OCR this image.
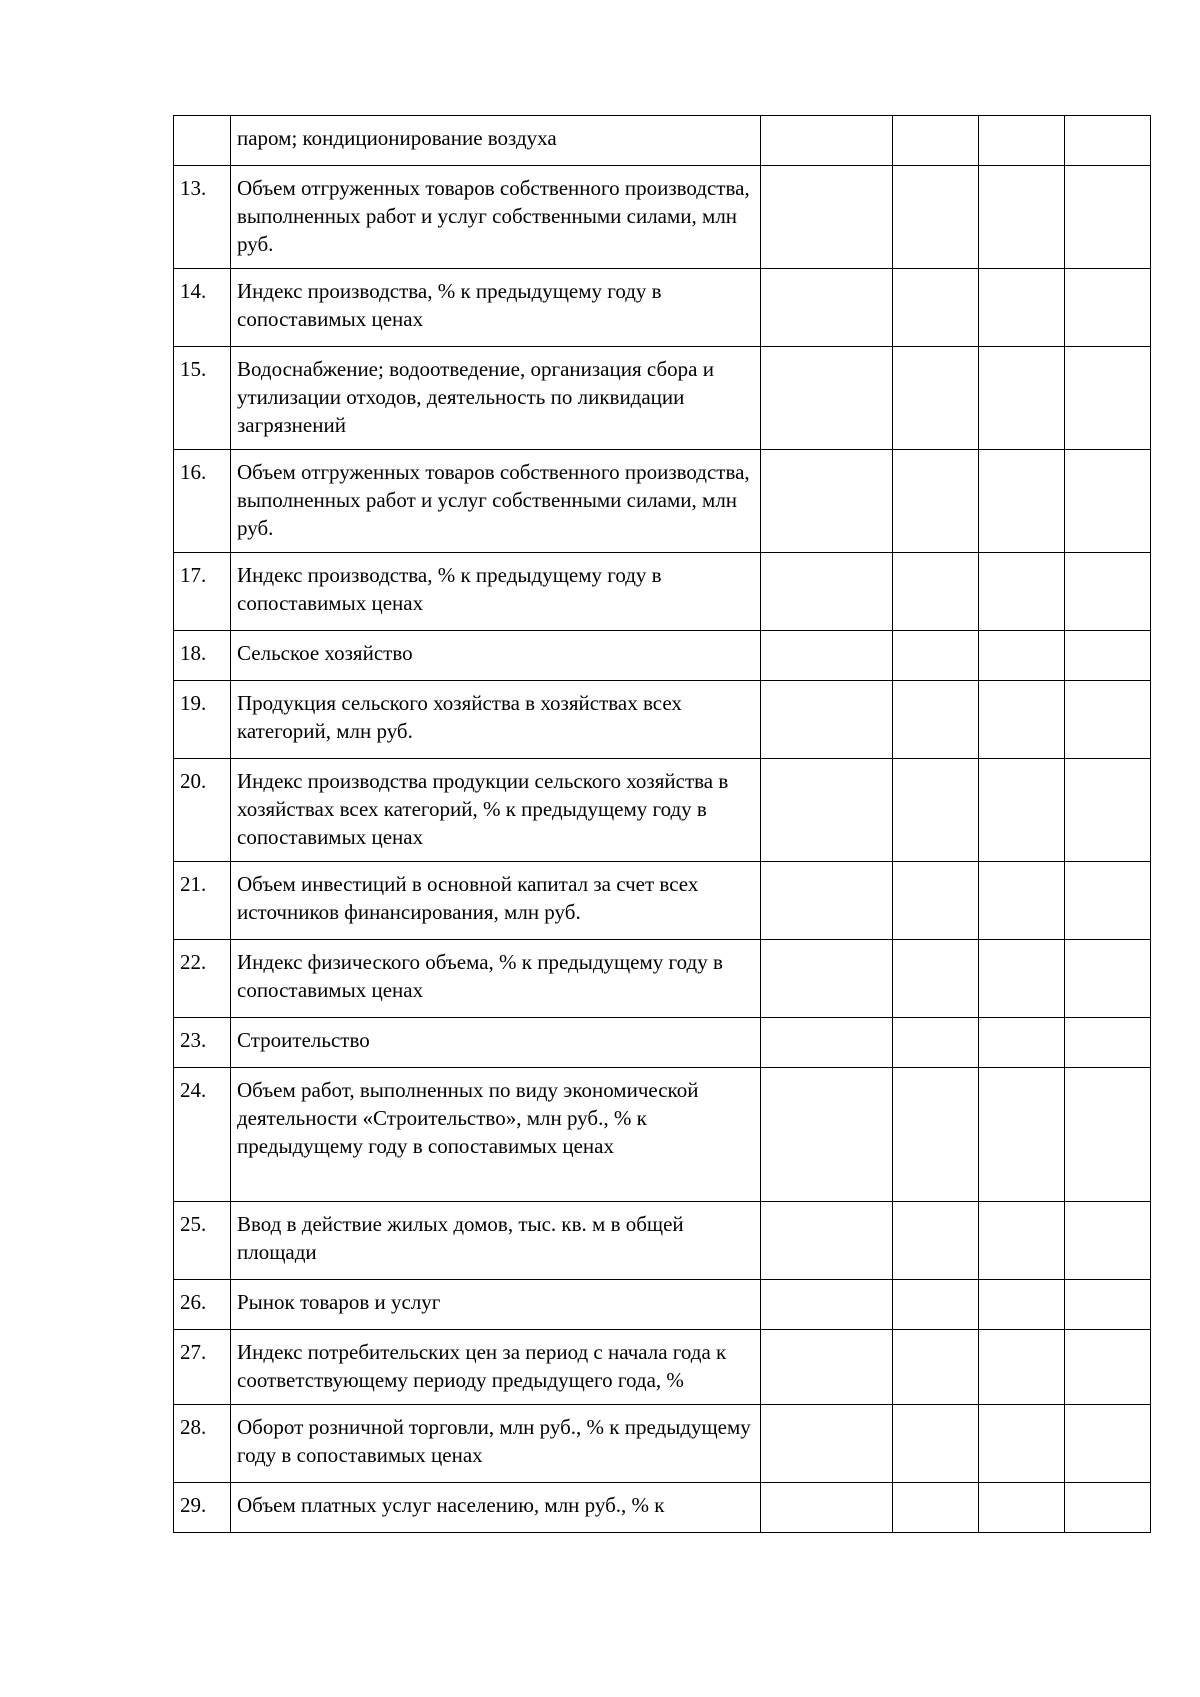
	паром; кондиционирование воздуха				
13.	Объем отгруженных товаров собственного производства, выполненных работ и услуг собственными силами, млн руб.				
14.	Индекс производства, % к предыдущему году в сопоставимых ценах				
15.	Водоснабжение; водоотведение, организация сбора и утилизации отходов, деятельность по ликвидации загрязнений				
16.	Объем отгруженных товаров собственного производства, выполненных работ и услуг собственными силами, млн руб.				
17.	Индекс производства, % к предыдущему году в сопоставимых ценах				
18.	Сельское хозяйство				
19.	Продукция сельского хозяйства в хозяйствах всех категорий, млн руб.				
20.	Индекс производства продукции сельского хозяйства в хозяйствах всех категорий, % к предыдущему году в сопоставимых ценах				
21.	Объем инвестиций в основной капитал за счет всех источников финансирования, млн руб.				
22.	Индекс физического объема, % к предыдущему году в сопоставимых ценах				
23.	Строительство				
24.	Объем работ, выполненных по виду экономической деятельности «Строительство», млн руб., % к предыдущему году в сопоставимых ценах				
25.	Ввод в действие жилых домов, тыс. кв. м в общей площади				
26.	Рынок товаров и услуг				
27.	Индекс потребительских цен за период с начала года к соответствующему периоду предыдущего года, %				
28.	Оборот розничной торговли, млн руб., % к предыдущему году в сопоставимых ценах				
29.	Объем платных услуг населению, млн руб., % к				
